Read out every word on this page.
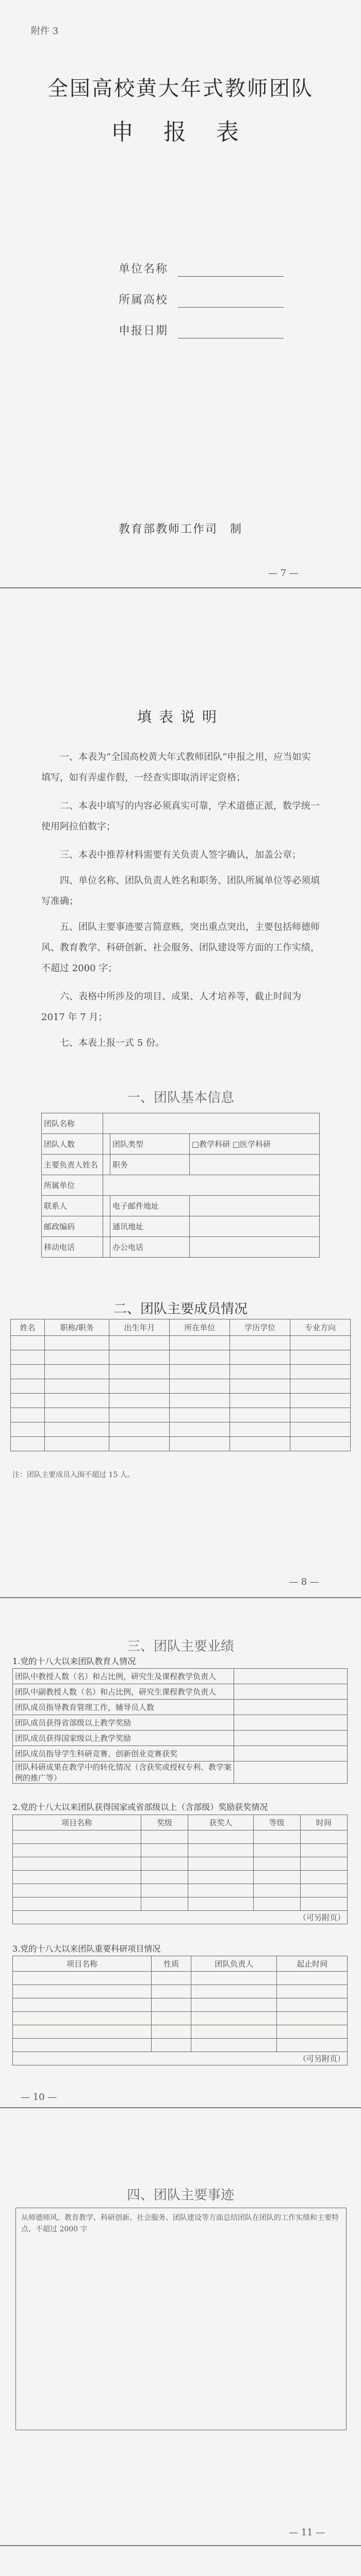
附件 3
全国高校黄大年式教师团队
申 报 表
单位名称
所属高校
申报日期
教育部教师工作司　制
— 7 —
填表说明
一、本表为“全国高校黄大年式教师团队”申报之用，应当如实填写，如有弄虚作假，一经查实即取消评定资格；
二、本表中填写的内容必须真实可靠，学术道德正派，数学统一使用阿拉伯数字；
三、本表中推荐材料需要有关负责人签字确认，加盖公章；
四、单位名称、团队负责人姓名和职务、团队所属单位等必须填写准确；
五、团队主要事迹要言简意赅，突出重点突出，主要包括师德师风、教育教学、科研创新、社会服务、团队建设等方面的工作实绩，不超过 2000 字；
六、表格中所涉及的项目、成果、人才培养等，截止时间为 2017 年 7 月；
七、本表上报一式 5 份。
一、团队基本信息
团队名称			
团队人数		团队类型	□教学科研 □医学科研
主要负责人姓名		职务	
所属单位			
联系人		电子邮件地址	
邮政编码		通讯地址	
移动电话		办公电话	
二、团队主要成员情况
姓名	职称/职务	出生年月	所在单位	学历学位	专业方向

注：团队主要成员入围不超过 15 人。
— 8 —
三、团队主要业绩
1.党的十八大以来团队教育人情况
团队中教授人数（名）和占比例，研究生及课程教学负责人	
团队中副教授人数（名）和占比例，研究生课程教学负责人	
团队成员指导教育管理工作，辅导员人数	
团队成员获得省部级以上教学奖励	
团队成员获得国家级以上教学奖励	
团队成员指导学生科研竞赛、创新创业竞赛获奖	
团队科研成果在教学中的转化情况（含获奖或授权专利、教学案例的推广等）	
2.党的十八大以来团队获得国家或省部级以上（含部级）奖励获奖情况
项目名称	奖级	获奖人	等级	时间

（可另附页）				
3.党的十八大以来团队重要科研项目情况
项目名称	性质	团队负责人	起止时间

（可另附页）			
— 10 —
四、团队主要事迹
从师德师风、教育教学、科研创新、社会服务、团队建设等方面总结团队在团队的工作实绩和主要特点，不超过 2000 字
— 11 —
